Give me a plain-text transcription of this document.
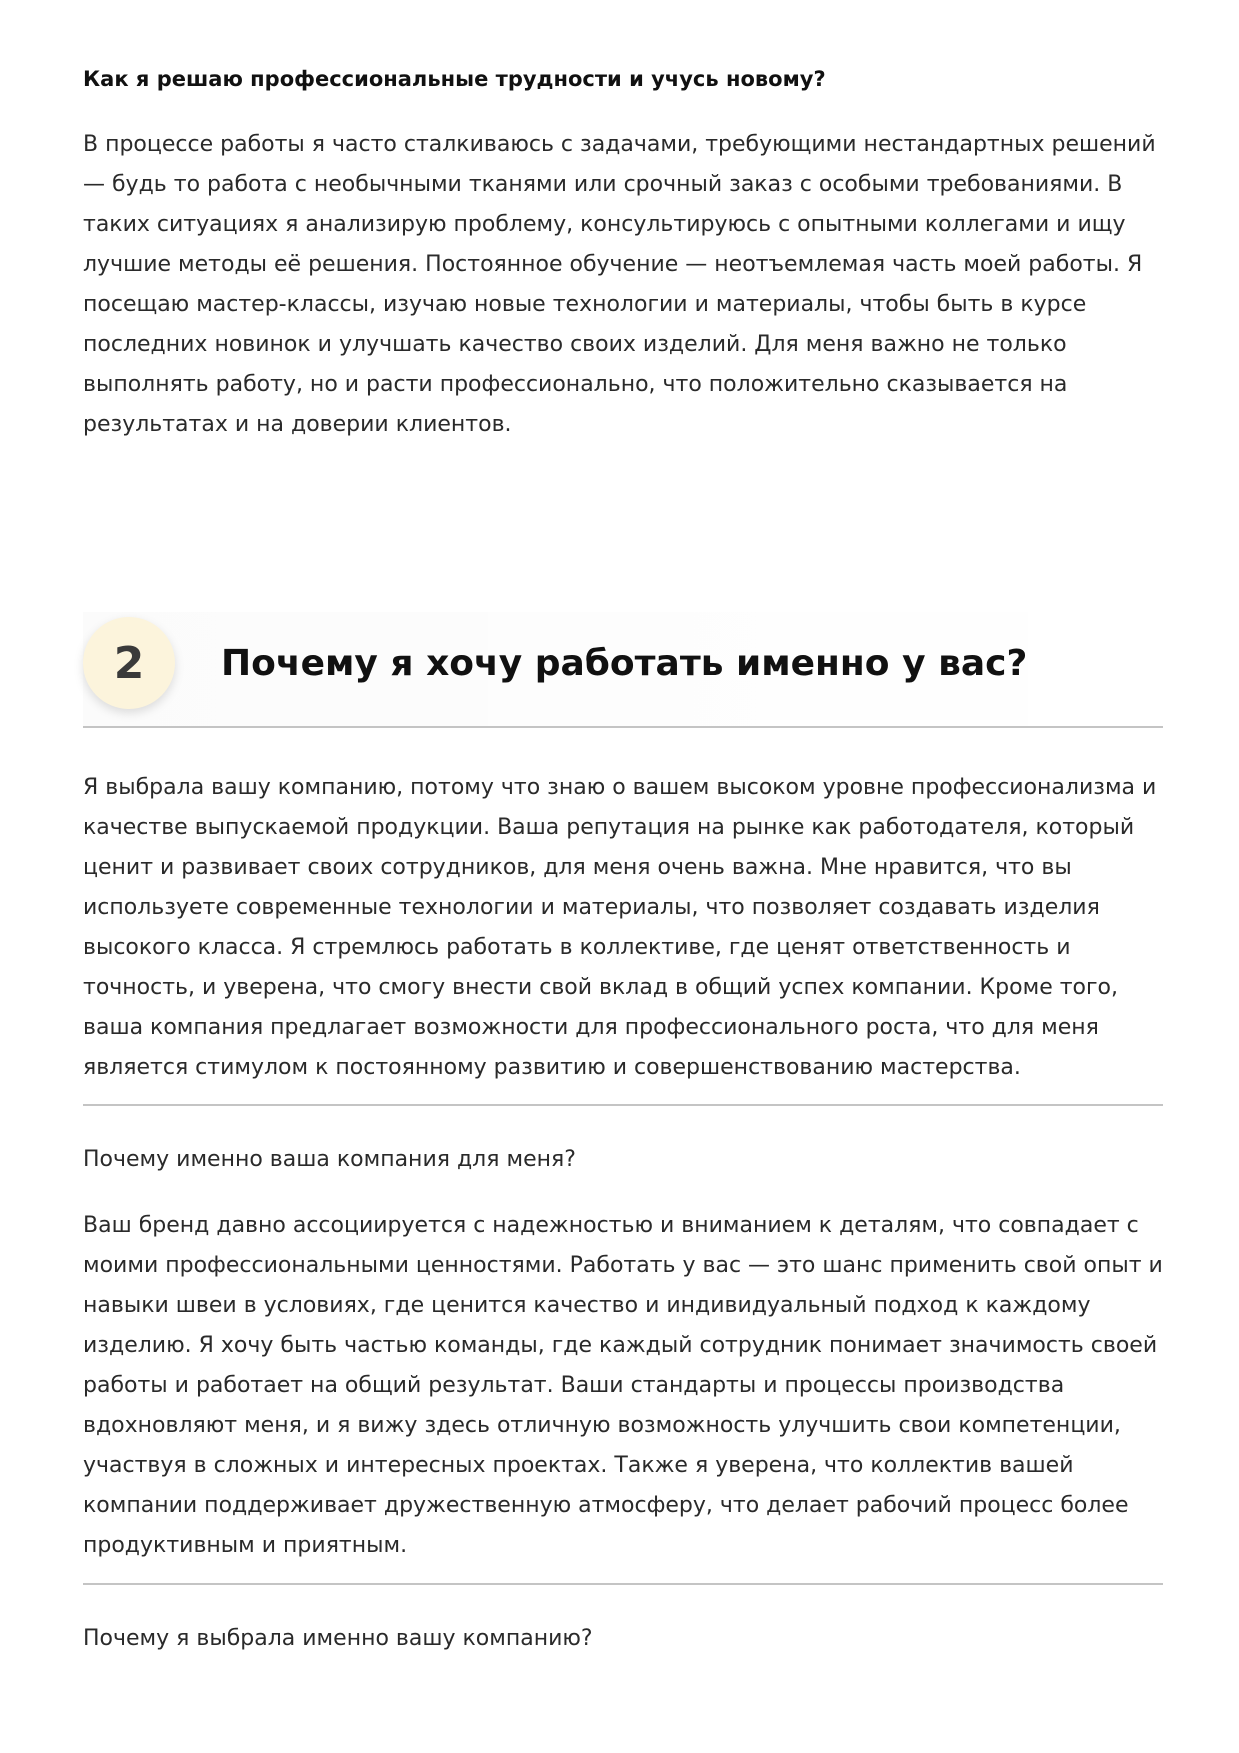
Как я решаю профессиональные трудности и учусь новому?

В процессе работы я часто сталкиваюсь с задачами, требующими нестандартных решений — будь то работа с необычными тканями или срочный заказ с особыми требованиями. В таких ситуациях я анализирую проблему, консультируюсь с опытными коллегами и ищу лучшие методы её решения. Постоянное обучение — неотъемлемая часть моей работы. Я посещаю мастер-классы, изучаю новые технологии и материалы, чтобы быть в курсе последних новинок и улучшать качество своих изделий. Для меня важно не только выполнять работу, но и расти профессионально, что положительно сказывается на результатах и на доверии клиентов.

2	Почему я хочу работать именно у вас?

Я выбрала вашу компанию, потому что знаю о вашем высоком уровне профессионализма и качестве выпускаемой продукции. Ваша репутация на рынке как работодателя, который ценит и развивает своих сотрудников, для меня очень важна. Мне нравится, что вы используете современные технологии и материалы, что позволяет создавать изделия высокого класса. Я стремлюсь работать в коллективе, где ценят ответственность и точность, и уверена, что смогу внести свой вклад в общий успех компании. Кроме того, ваша компания предлагает возможности для профессионального роста, что для меня является стимулом к постоянному развитию и совершенствованию мастерства.

Почему именно ваша компания для меня?

Ваш бренд давно ассоциируется с надежностью и вниманием к деталям, что совпадает с моими профессиональными ценностями. Работать у вас — это шанс применить свой опыт и навыки швеи в условиях, где ценится качество и индивидуальный подход к каждому изделию. Я хочу быть частью команды, где каждый сотрудник понимает значимость своей работы и работает на общий результат. Ваши стандарты и процессы производства вдохновляют меня, и я вижу здесь отличную возможность улучшить свои компетенции, участвуя в сложных и интересных проектах. Также я уверена, что коллектив вашей компании поддерживает дружественную атмосферу, что делает рабочий процесс более продуктивным и приятным.

Почему я выбрала именно вашу компанию?
